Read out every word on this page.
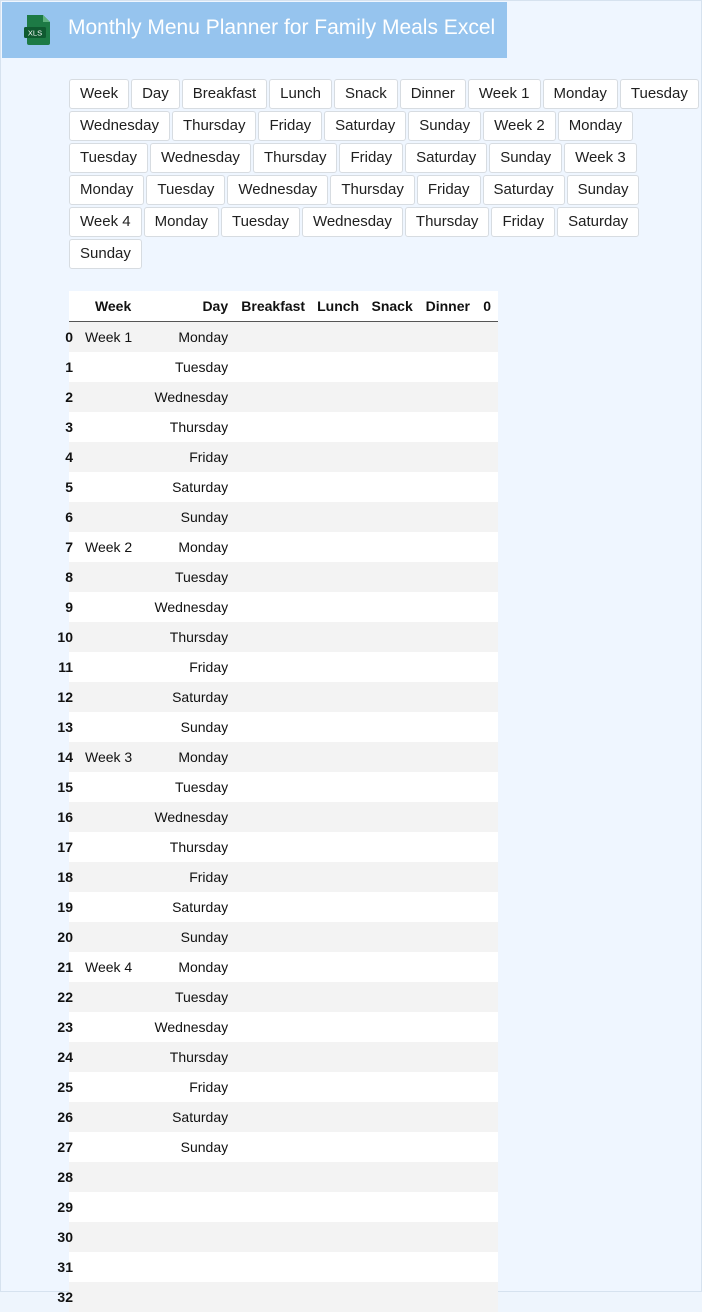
XLS Monthly Menu Planner for Family Meals Excel
Week	Day	Breakfast	Lunch	Snack	Dinner	Week 1	Monday	Tuesday
Wednesday	Thursday	Friday	Saturday	Sunday	Week 2	Monday
Tuesday	Wednesday	Thursday	Friday	Saturday	Sunday	Week 3
Monday	Tuesday	Wednesday	Thursday	Friday	Saturday	Sunday
Week 4	Monday	Tuesday	Wednesday	Thursday	Friday	Saturday
Sunday
	Week	Day	Breakfast	Lunch	Snack	Dinner	0

0	Week 1	Monday					

1		Tuesday					

2		Wednesday					

3		Thursday					

4		Friday					

5		Saturday					

6		Sunday					

7	Week 2	Monday					

8		Tuesday					

9		Wednesday					

10		Thursday					

11		Friday					

12		Saturday					

13		Sunday					

14	Week 3	Monday					

15		Tuesday					

16		Wednesday					

17		Thursday					

18		Friday					

19		Saturday					

20		Sunday					

21	Week 4	Monday					

22		Tuesday					

23		Wednesday					

24		Thursday					

25		Friday					

26		Saturday					

27		Sunday					

28							

29							

30							

31							

32							
